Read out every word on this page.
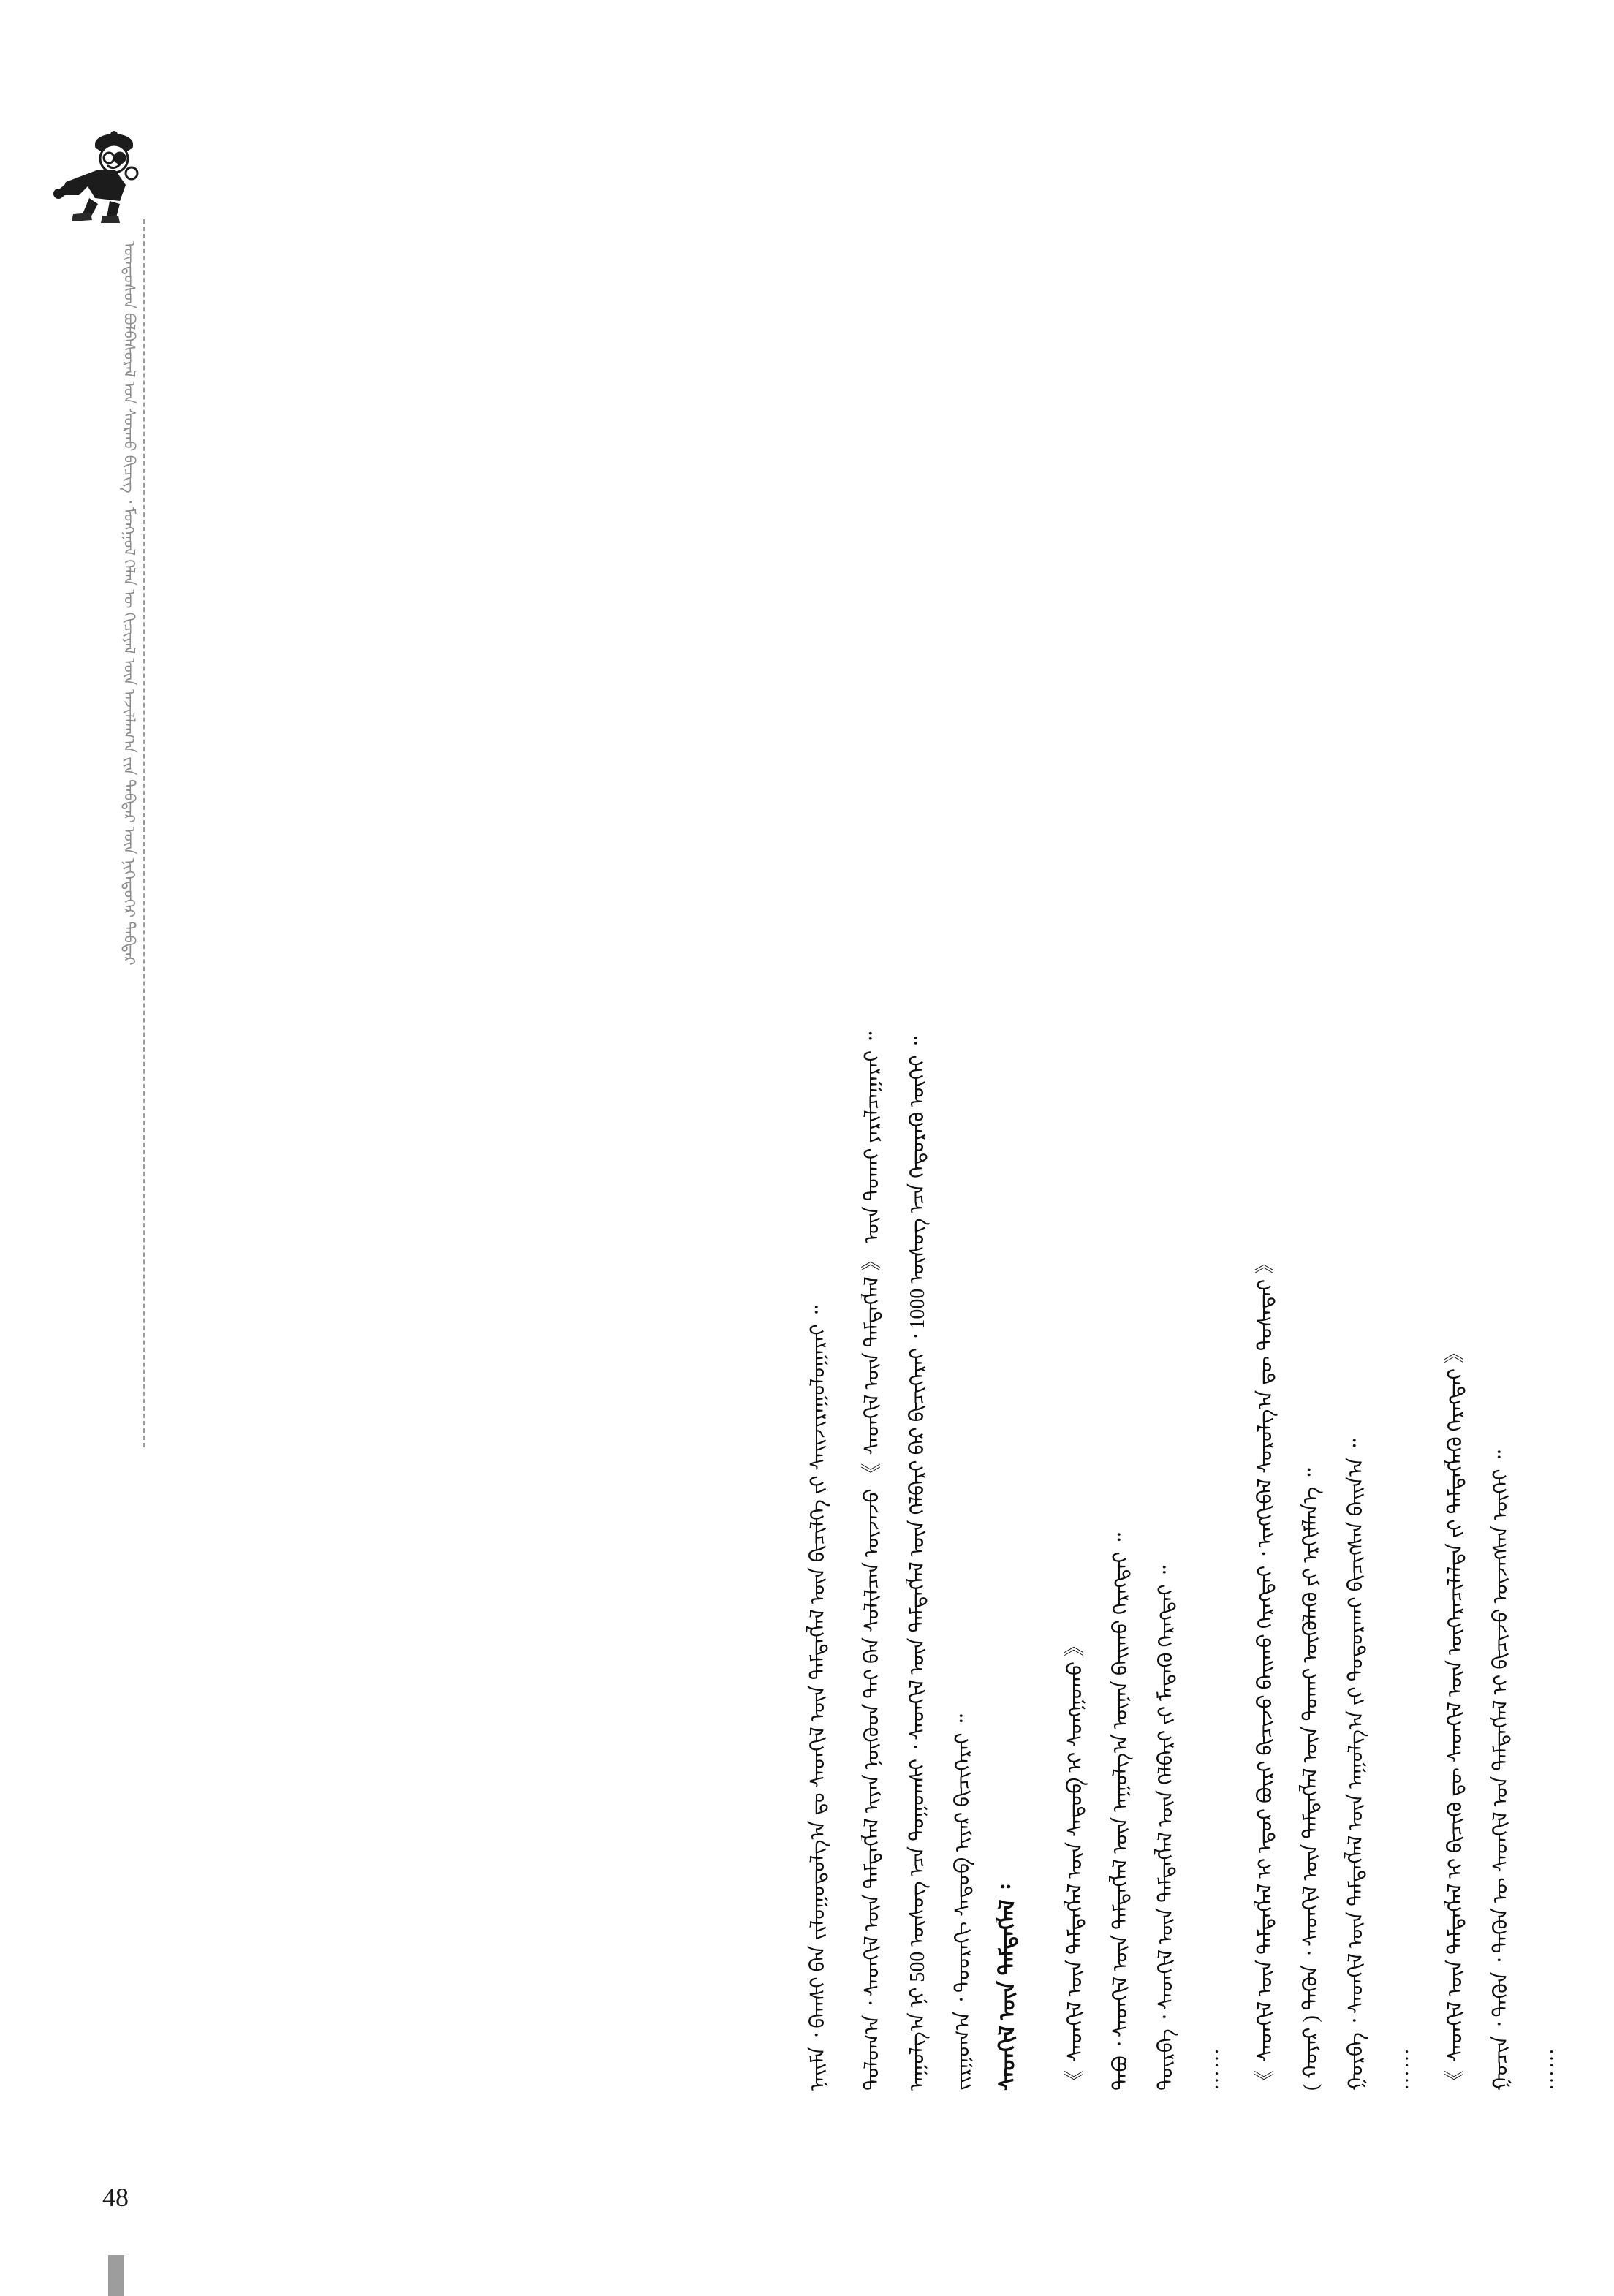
ᠦᠨᠳᠦᠰᠦᠨ ᠪᠣᠯᠪᠠᠰᠤᠷᠠᠯ ᠤᠨ ᠰᠤᠷᠬᠤ ᠪᠢᠴᠢᠭ᠌ ᠂ ᠮᠣᠩᠭᠣᠯ ᠬᠡᠯᠡᠨ ᠦ ᠬᠢᠴᠢᠶᠡᠯ ᠦᠨ ᠠᠵᠢᠯᠯᠠᠭ᠎ᠠ ᠵᠢᠨ ᠳᠡᠪᠲᠡᠷ ᠦᠨ ᠨᠢᠭᠡᠳᠦᠭᠡᠷ ᠳᠡᠪᠲᠡᠷ
……
ᠭᠣᠴᠢᠨ ᠂ ᠲᠡᠭᠦᠨ ᠂ ᠲᠡᠭᠦᠨ ᠦ ᠰᠡᠳᠬᠢᠯ ᠤᠨ ᠲᠡᠮᠳᠡᠭᠯᠡᠯ ᠢ ᠪᠢᠴᠢᠵᠦ ᠦᠵᠡᠭᠰᠡᠨ ᠦᠭᠡᠢ ᠃
《 ᠰᠡᠳᠬᠢᠯ ᠦᠨ ᠲᠡᠮᠳᠡᠭᠯᠡᠯ ᠢ ᠪᠢᠴᠢᠬᠦ ᠳᠦ ᠰᠡᠳᠬᠢᠯ ᠦᠨ ᠦᠭᠡᠷᠡᠴᠢᠯᠡᠯᠲᠡ ᠵᠢ ᠲᠡᠮᠳᠡᠭᠯᠡᠬᠦ ᠬᠡᠷᠡᠭᠲᠡᠢ 》
……
ᠭᠤᠷᠪᠠ ᠂ ᠰᠡᠳᠬᠢᠯ ᠦᠨ ᠲᠡᠮᠳᠡᠭᠯᠡᠯ ᠦᠨ ᠠᠭᠤᠯᠭ᠎ᠠ ᠵᠢ ᠲᠣᠳᠣᠷᠬᠠᠢ ᠪᠢᠴᠢᠭᠰᠡᠨ ᠪᠠᠢᠨ᠎ᠠ ᠃
( ᠬᠣᠶᠠᠷ ) ᠲᠡᠭᠦᠨ ᠂ ᠰᠡᠳᠬᠢᠯ ᠦᠨ ᠲᠡᠮᠳᠡᠭᠯᠡᠯ ᠦᠨ ᠲᠤᠬᠠᠢ ᠥᠭᠦᠯᠡᠬᠦ ᠶᠢ ᠡᠷᠬᠢᠮᠯᠡᠨ᠎ᠡ ᠃
《 ᠰᠡᠳᠬᠢᠯ ᠦᠨ ᠲᠡᠮᠳᠡᠭᠯᠡᠯ ᠢ ᠡᠳᠦᠷ ᠪᠦᠷᠢ ᠪᠢᠴᠢᠵᠦ ᠪᠠᠢᠬᠤ ᠬᠡᠷᠡᠭᠲᠡᠢ ᠂ ᠢᠩᠭᠢᠪᠡᠯ ᠰᠤᠷᠤᠯᠭ᠎ᠠ ᠳᠦ ᠲᠤᠰᠠᠲᠠᠢ 》
……
ᠳᠥᠷᠪᠡ ᠂ ᠰᠡᠳᠬᠢᠯ ᠦᠨ ᠲᠡᠮᠳᠡᠭᠯᠡᠯ ᠦᠨ ᠬᠡᠯᠪᠡᠷᠢ ᠵᠢ ᠮᠡᠳᠡᠬᠦ ᠬᠡᠷᠡᠭᠲᠡᠢ ᠃
ᠲᠠᠪᠤ ᠂ ᠰᠡᠳᠬᠢᠯ ᠦᠨ ᠲᠡᠮᠳᠡᠭᠯᠡᠯ ᠦᠨ ᠠᠭᠤᠯᠭ᠎ᠠ ᠦᠨᠡᠨ ᠪᠠᠢᠬᠤ ᠬᠡᠷᠡᠭᠲᠡᠢ ᠃
《 ᠰᠡᠳᠬᠢᠯ ᠦᠨ ᠲᠡᠮᠳᠡᠭᠯᠡᠯ ᠦᠨ ᠰᠡᠳᠦᠪ ᠢ ᠰᠣᠩᠭᠣᠬᠤ 》
ᠰᠡᠳᠬᠢᠯ ᠦᠨ ᠲᠡᠮᠳᠡᠭᠯᠡᠯ ᠄
ᠵᠢᠷᠭᠤᠭ᠎ᠠ ᠂ ᠳᠣᠣᠷᠠᠬᠢ ᠰᠡᠳᠦᠪ ᠢᠶᠡᠷ ᠪᠢᠴᠢᠭᠡᠷᠡᠢ ᠃
ᠠᠭᠤᠯᠭ᠎ᠠ ᠨᠢ 500 ᠦᠰᠦᠭ ᠡᠴᠡ ᠳᠣᠭᠣᠭᠰᠢ ᠂ ᠰᠡᠳᠬᠢᠯ ᠦᠨ ᠲᠡᠮᠳᠡᠭᠯᠡᠯ ᠦᠨ ᠬᠡᠯᠪᠡᠷᠢ ᠪᠡᠷ ᠪᠢᠴᠢᠭᠡᠷᠡᠢ ᠂ 1000 ᠦᠰᠦᠭ ᠡᠴᠡ ᠬᠡᠲᠦᠷᠡᠬᠦ ᠦᠭᠡᠢ ᠃
ᠳᠣᠯᠣᠭ᠎ᠠ ᠂ ᠰᠡᠳᠬᠢᠯ ᠦᠨ ᠲᠡᠮᠳᠡᠭᠯᠡᠯ ᠢᠶᠡᠨ ᠨᠥᠬᠦᠳ ᠲᠡᠢ ᠪᠡᠨ ᠰᠣᠯᠢᠯᠴᠠᠨ ᠦᠵᠡᠵᠦ 《 ᠰᠡᠳᠬᠢᠯ ᠦᠨ ᠲᠡᠮᠳᠡᠭᠯᠡᠯ 》 ᠦᠨ ᠲᠤᠬᠠᠢ ᠶᠠᠷᠢᠯᠴᠠᠭᠠᠷᠠᠢ ᠃
ᠨᠠᠢᠮᠠ ᠂ ᠪᠠᠭᠰᠢ ᠪᠠᠨ ᠵᠢᠯᠤᠭᠤᠳᠤᠯᠭ᠎ᠠ ᠳᠤ ᠰᠡᠳᠬᠢᠯ ᠦᠨ ᠲᠡᠮᠳᠡᠭᠯᠡᠯ ᠦᠨ ᠪᠢᠴᠢᠯᠭᠡ ᠵᠢ ᠰᠠᠢᠵᠢᠷᠠᠭᠤᠯᠤᠭᠠᠷᠠᠢ ᠃
48
